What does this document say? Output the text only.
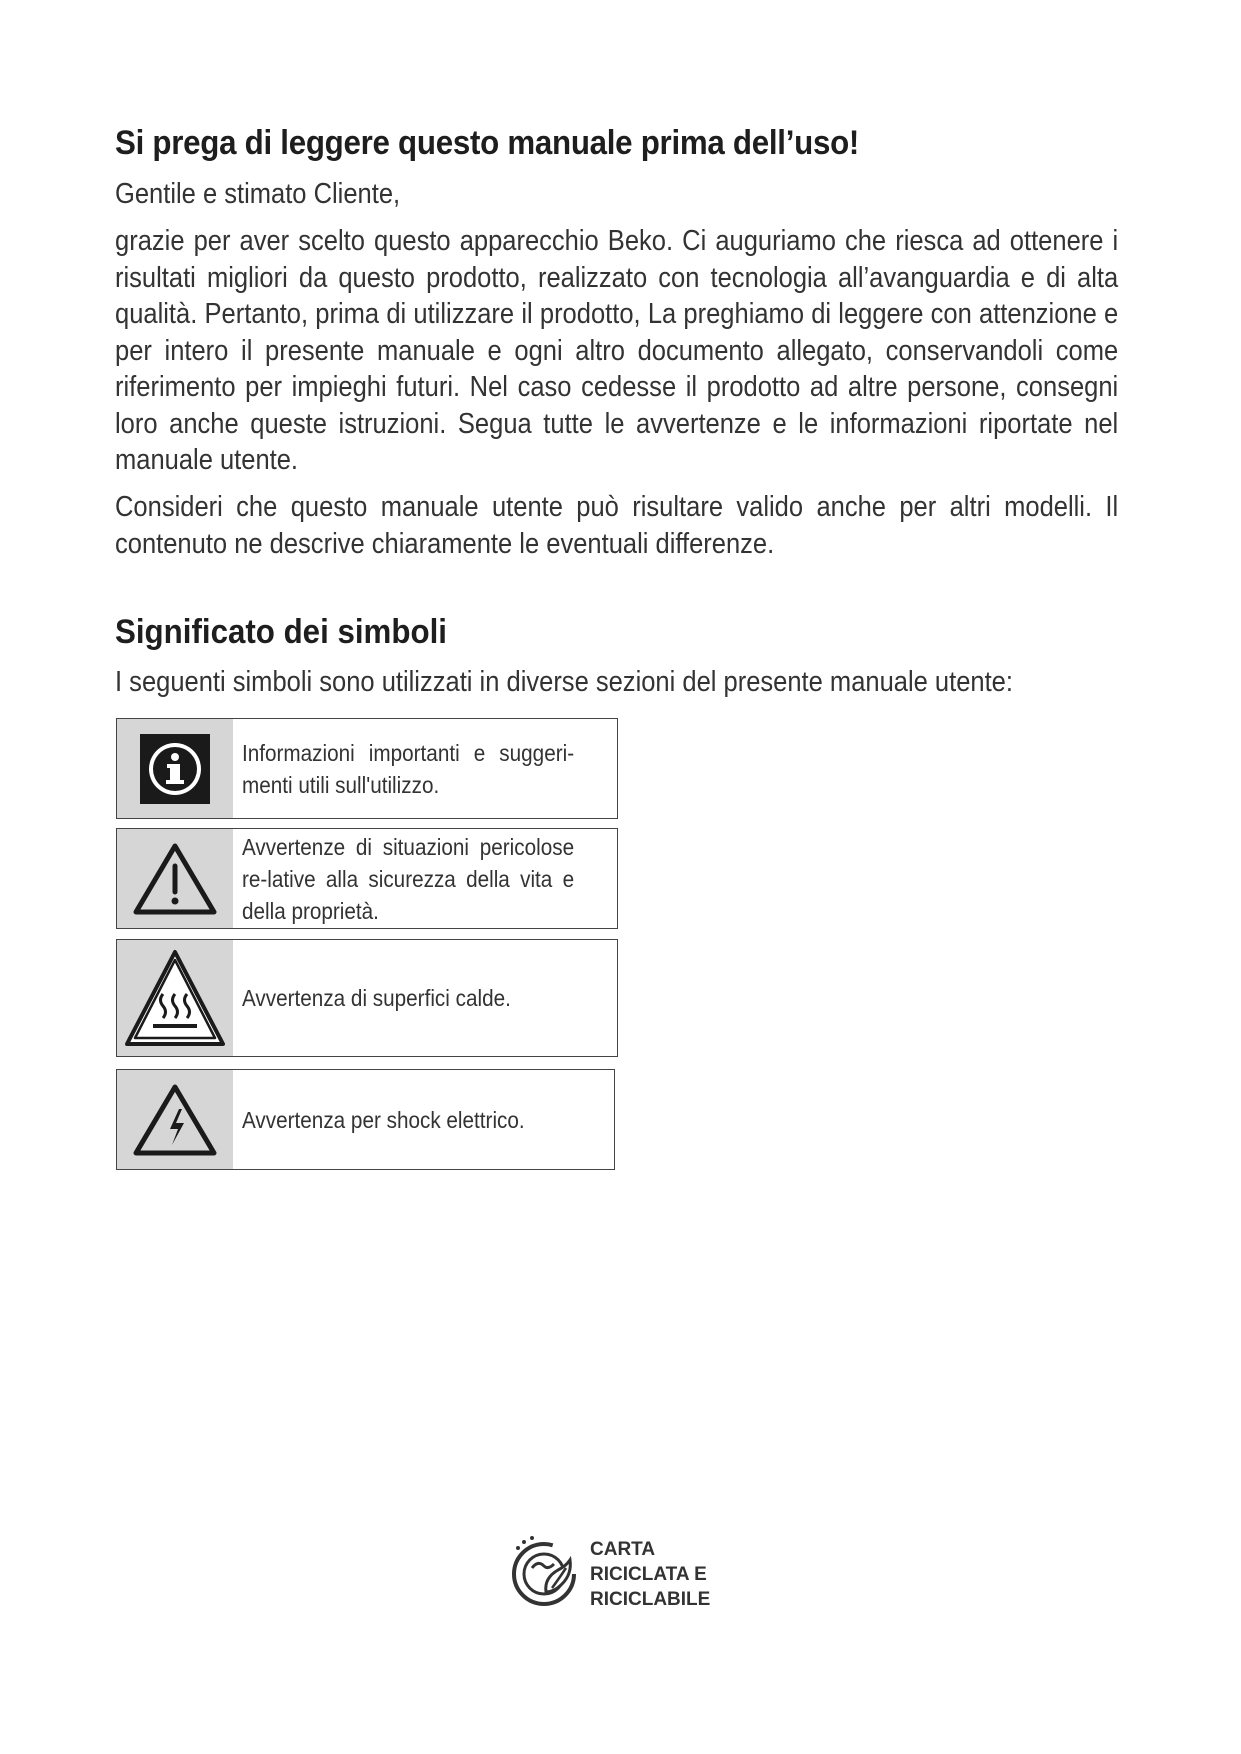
Si prega di leggere questo manuale prima dell’uso!

Gentile e stimato Cliente,

grazie per aver scelto questo apparecchio Beko. Ci auguriamo che riesca ad ottenere i risultati migliori da questo prodotto, realizzato con tecnologia all’avanguardia e di alta qualità. Pertanto, prima di utilizzare il prodotto, La preghiamo di leggere con attenzione e per intero il presente manuale e ogni altro documento allegato, conservandoli come riferimento per impieghi futuri. Nel caso cedesse il prodotto ad altre persone, consegni loro anche queste istruzioni. Segua tutte le avvertenze e le informazioni riportate nel manuale utente.

Consideri che questo manuale utente può risultare valido anche per altri modelli. Il contenuto ne descrive chiaramente le eventuali differenze.

Significato dei simboli

I seguenti simboli sono utilizzati in diverse sezioni del presente manuale utente:

Informazioni importanti e suggeri-menti utili sull'utilizzo.
Avvertenze di situazioni pericolose re-lative alla sicurezza della vita e della proprietà.
Avvertenza di superfici calde.
Avvertenza per shock elettrico.
CARTA
RICICLATA E
RICICLABILE
